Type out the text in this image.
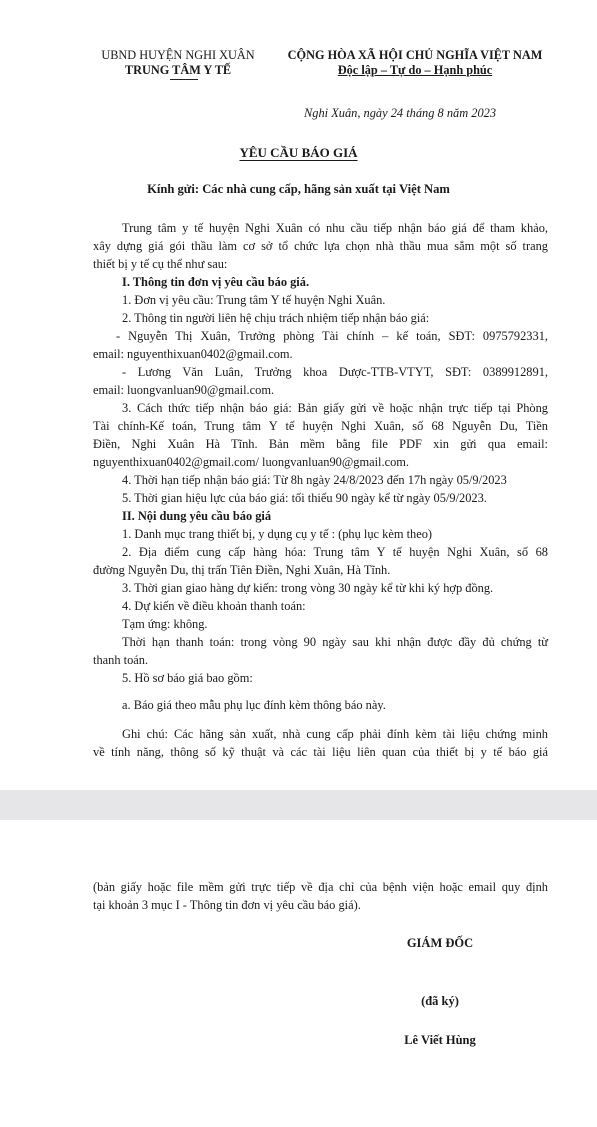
UBND HUYỆN NGHI XUÂN
TRUNG TÂM Y TẾ
CỘNG HÒA XÃ HỘI CHỦ NGHĨA VIỆT NAM
Độc lập – Tự do – Hạnh phúc
Nghi Xuân, ngày 24 tháng 8 năm 2023
YÊU CẦU BÁO GIÁ
Kính gửi: Các nhà cung cấp, hãng sản xuất tại Việt Nam
Trung tâm y tế huyện Nghi Xuân có nhu cầu tiếp nhận báo giá để tham khảo,
xây dựng giá gói thầu làm cơ sở tổ chức lựa chọn nhà thầu mua sắm một số trang
thiết bị y tế cụ thể như sau:
I. Thông tin đơn vị yêu cầu báo giá.
1. Đơn vị yêu cầu: Trung tâm Y tế huyện Nghi Xuân.
2. Thông tin người liên hệ chịu trách nhiệm tiếp nhận báo giá:
- Nguyễn Thị Xuân, Trưởng phòng Tài chính – kế toán, SĐT: 0975792331,
email: nguyenthixuan0402@gmail.com.
- Lương Văn Luân, Trưởng khoa Dược-TTB-VTYT, SĐT: 0389912891,
email: luongvanluan90@gmail.com.
3. Cách thức tiếp nhận báo giá: Bản giấy gửi về hoặc nhận trực tiếp tại Phòng
Tài chính-Kế toán, Trung tâm Y tế huyện Nghi Xuân, số 68 Nguyễn Du, Tiền
Điền, Nghi Xuân Hà Tĩnh. Bản mềm bằng file PDF xin gửi qua email:
nguyenthixuan0402@gmail.com/ luongvanluan90@gmail.com.
4. Thời hạn tiếp nhận báo giá: Từ 8h ngày 24/8/2023 đến 17h ngày 05/9/2023
5. Thời gian hiệu lực của báo giá: tối thiểu 90 ngày kể từ ngày 05/9/2023.
II. Nội dung yêu cầu báo giá
1. Danh mục trang thiết bị, y dụng cụ y tế : (phụ lục kèm theo)
2. Địa điểm cung cấp hàng hóa: Trung tâm Y tế huyện Nghi Xuân, số 68
đường Nguyễn Du, thị trấn Tiên Điền, Nghi Xuân, Hà Tĩnh.
3. Thời gian giao hàng dự kiến: trong vòng 30 ngày kể từ khi ký hợp đồng.
4. Dự kiến về điều khoản thanh toán:
Tạm ứng: không.
Thời hạn thanh toán: trong vòng 90 ngày sau khi nhận được đầy đủ chứng từ
thanh toán.
5. Hồ sơ báo giá bao gồm:
a. Báo giá theo mẫu phụ lục đính kèm thông báo này.
Ghi chú: Các hãng sản xuất, nhà cung cấp phải đính kèm tài liệu chứng minh
về tính năng, thông số kỹ thuật và các tài liệu liên quan của thiết bị y tế báo giá
(bản giấy hoặc file mềm gửi trực tiếp về địa chỉ của bệnh viện hoặc email quy định
tại khoản 3 mục I - Thông tin đơn vị yêu cầu báo giá).
GIÁM ĐỐC
(đã ký)
Lê Viết Hùng
